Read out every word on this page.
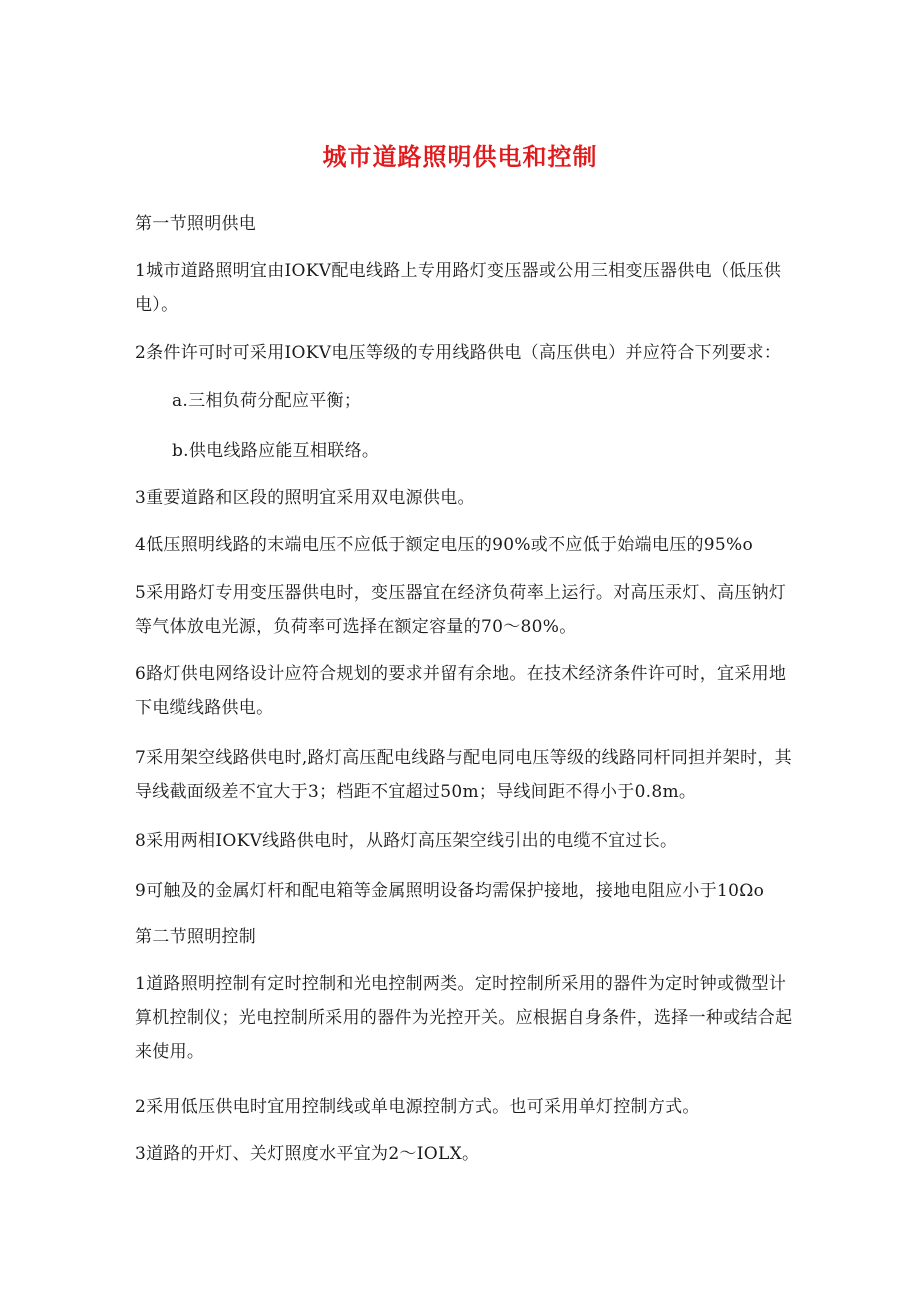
城市道路照明供电和控制
第一节照明供电
1城市道路照明宜由IOKV配电线路上专用路灯变压器或公用三相变压器供电（低压供电）。
2条件许可时可采用IOKV电压等级的专用线路供电（高压供电）并应符合下列要求：
a.三相负荷分配应平衡；
b.供电线路应能互相联络。
3重要道路和区段的照明宜采用双电源供电。
4低压照明线路的末端电压不应低于额定电压的90%或不应低于始端电压的95%o
5采用路灯专用变压器供电时，变压器宜在经济负荷率上运行。对高压汞灯、高压钠灯等气体放电光源，负荷率可选择在额定容量的70～80%。
6路灯供电网络设计应符合规划的要求并留有余地。在技术经济条件许可时，宜采用地下电缆线路供电。
7采用架空线路供电时,路灯高压配电线路与配电同电压等级的线路同杆同担并架时，其导线截面级差不宜大于3；档距不宜超过50m；导线间距不得小于0.8m。
8采用两相IOKV线路供电时，从路灯高压架空线引出的电缆不宜过长。
9可触及的金属灯杆和配电箱等金属照明设备均需保护接地，接地电阻应小于10Ωo
第二节照明控制
1道路照明控制有定时控制和光电控制两类。定时控制所采用的器件为定时钟或微型计算机控制仪；光电控制所采用的器件为光控开关。应根据自身条件，选择一种或结合起来使用。
2采用低压供电时宜用控制线或单电源控制方式。也可采用单灯控制方式。
3道路的开灯、关灯照度水平宜为2～IOLX。
